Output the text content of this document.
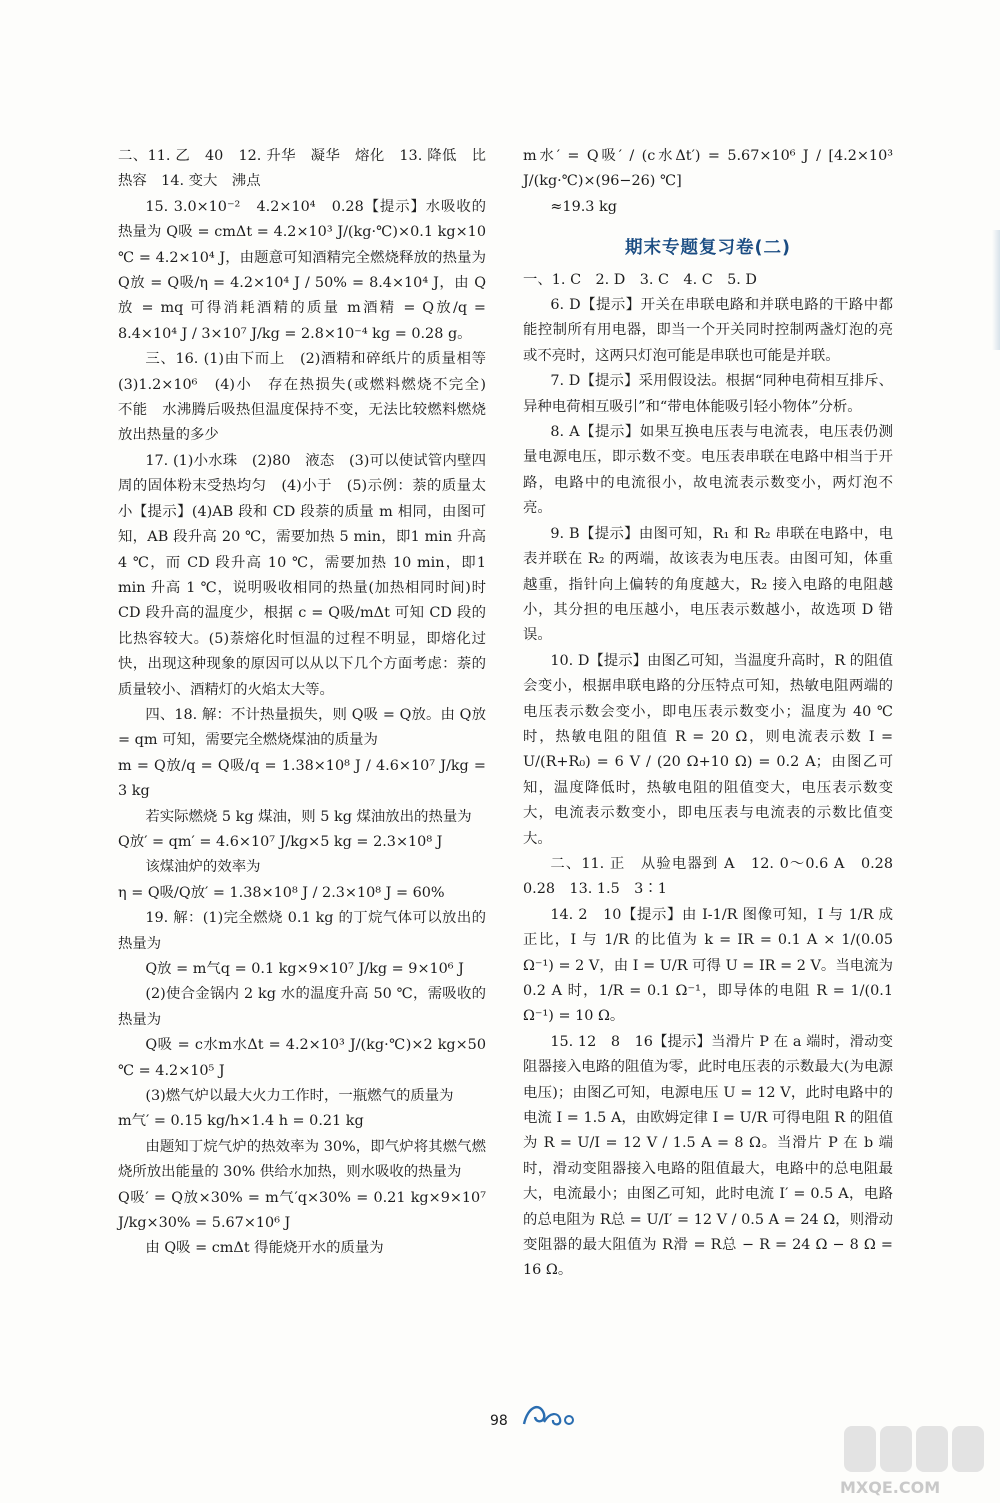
二、11. 乙　40　12. 升华　凝华　熔化　13. 降低　比热容　14. 变大　沸点

15. 3.0×10⁻²　4.2×10⁴　0.28【提示】水吸收的热量为 Q吸 = cmΔt = 4.2×10³ J/(kg·℃)×0.1 kg×10 ℃ = 4.2×10⁴ J，由题意可知酒精完全燃烧释放的热量为 Q放 = Q吸/η = 4.2×10⁴ J / 50% = 8.4×10⁴ J，由 Q放 = mq 可得消耗酒精的质量 m酒精 = Q放/q = 8.4×10⁴ J / 3×10⁷ J/kg = 2.8×10⁻⁴ kg = 0.28 g。

三、16. (1)由下而上　(2)酒精和碎纸片的质量相等　(3)1.2×10⁶　(4)小　存在热损失(或燃料燃烧不完全)　不能　水沸腾后吸热但温度保持不变，无法比较燃料燃烧放出热量的多少

17. (1)小水珠　(2)80　液态　(3)可以使试管内壁四周的固体粉末受热均匀　(4)小于　(5)示例：萘的质量太小【提示】(4)AB 段和 CD 段萘的质量 m 相同，由图可知，AB 段升高 20 ℃，需要加热 5 min，即1 min 升高 4 ℃，而 CD 段升高 10 ℃，需要加热 10 min，即1 min 升高 1 ℃，说明吸收相同的热量(加热相同时间)时 CD 段升高的温度少，根据 c = Q吸/mΔt 可知 CD 段的比热容较大。(5)萘熔化时恒温的过程不明显，即熔化过快，出现这种现象的原因可以从以下几个方面考虑：萘的质量较小、酒精灯的火焰太大等。

四、18. 解：不计热量损失，则 Q吸 = Q放。由 Q放 = qm 可知，需要完全燃烧煤油的质量为

m = Q放/q = Q吸/q = 1.38×10⁸ J / 4.6×10⁷ J/kg = 3 kg

若实际燃烧 5 kg 煤油，则 5 kg 煤油放出的热量为

Q放′ = qm′ = 4.6×10⁷ J/kg×5 kg = 2.3×10⁸ J

该煤油炉的效率为

η = Q吸/Q放′ = 1.38×10⁸ J / 2.3×10⁸ J = 60%

19. 解：(1)完全燃烧 0.1 kg 的丁烷气体可以放出的热量为

Q放 = m气q = 0.1 kg×9×10⁷ J/kg = 9×10⁶ J

(2)使合金锅内 2 kg 水的温度升高 50 ℃，需吸收的热量为

Q吸 = c水m水Δt = 4.2×10³ J/(kg·℃)×2 kg×50 ℃ = 4.2×10⁵ J

(3)燃气炉以最大火力工作时，一瓶燃气的质量为

m气′ = 0.15 kg/h×1.4 h = 0.21 kg

由题知丁烷气炉的热效率为 30%，即气炉将其燃气燃烧所放出能量的 30% 供给水加热，则水吸收的热量为

Q吸′ = Q放×30% = m气′q×30% = 0.21 kg×9×10⁷ J/kg×30% = 5.67×10⁶ J

由 Q吸 = cmΔt 得能烧开水的质量为

m水′ = Q吸′ / (c水Δt′) = 5.67×10⁶ J / [4.2×10³ J/(kg·℃)×(96−26) ℃]

≈19.3 kg

期末专题复习卷(二)

一、1. C　2. D　3. C　4. C　5. D

6. D【提示】开关在串联电路和并联电路的干路中都能控制所有用电器，即当一个开关同时控制两盏灯泡的亮或不亮时，这两只灯泡可能是串联也可能是并联。

7. D【提示】采用假设法。根据“同种电荷相互排斥、异种电荷相互吸引”和“带电体能吸引轻小物体”分析。

8. A【提示】如果互换电压表与电流表，电压表仍测量电源电压，即示数不变。电压表串联在电路中相当于开路，电路中的电流很小，故电流表示数变小，两灯泡不亮。

9. B【提示】由图可知，R₁ 和 R₂ 串联在电路中，电表并联在 R₂ 的两端，故该表为电压表。由图可知，体重越重，指针向上偏转的角度越大，R₂ 接入电路的电阻越小，其分担的电压越小，电压表示数越小，故选项 D 错误。

10. D【提示】由图乙可知，当温度升高时，R 的阻值会变小，根据串联电路的分压特点可知，热敏电阻两端的电压表示数会变小，即电压表示数变小；温度为 40 ℃时，热敏电阻的阻值 R = 20 Ω，则电流表示数 I = U/(R+R₀) = 6 V / (20 Ω+10 Ω) = 0.2 A；由图乙可知，温度降低时，热敏电阻的阻值变大，电压表示数变大，电流表示数变小，即电压表与电流表的示数比值变大。

二、11. 正　从验电器到 A　12. 0～0.6 A　0.28　0.28　13. 1.5　3∶1

14. 2　10【提示】由 I-1/R 图像可知，I 与 1/R 成正比，I 与 1/R 的比值为 k = IR = 0.1 A × 1/(0.05 Ω⁻¹) = 2 V，由 I = U/R 可得 U = IR = 2 V。当电流为 0.2 A 时，1/R = 0.1 Ω⁻¹，即导体的电阻 R = 1/(0.1 Ω⁻¹) = 10 Ω。

15. 12　8　16【提示】当滑片 P 在 a 端时，滑动变阻器接入电路的阻值为零，此时电压表的示数最大(为电源电压)；由图乙可知，电源电压 U = 12 V，此时电路中的电流 I = 1.5 A，由欧姆定律 I = U/R 可得电阻 R 的阻值为 R = U/I = 12 V / 1.5 A = 8 Ω。当滑片 P 在 b 端时，滑动变阻器接入电路的阻值最大，电路中的总电阻最大，电流最小；由图乙可知，此时电流 I′ = 0.5 A，电路的总电阻为 R总 = U/I′ = 12 V / 0.5 A = 24 Ω，则滑动变阻器的最大阻值为 R滑 = R总 − R = 24 Ω − 8 Ω = 16 Ω。

98
MXQE.COM
